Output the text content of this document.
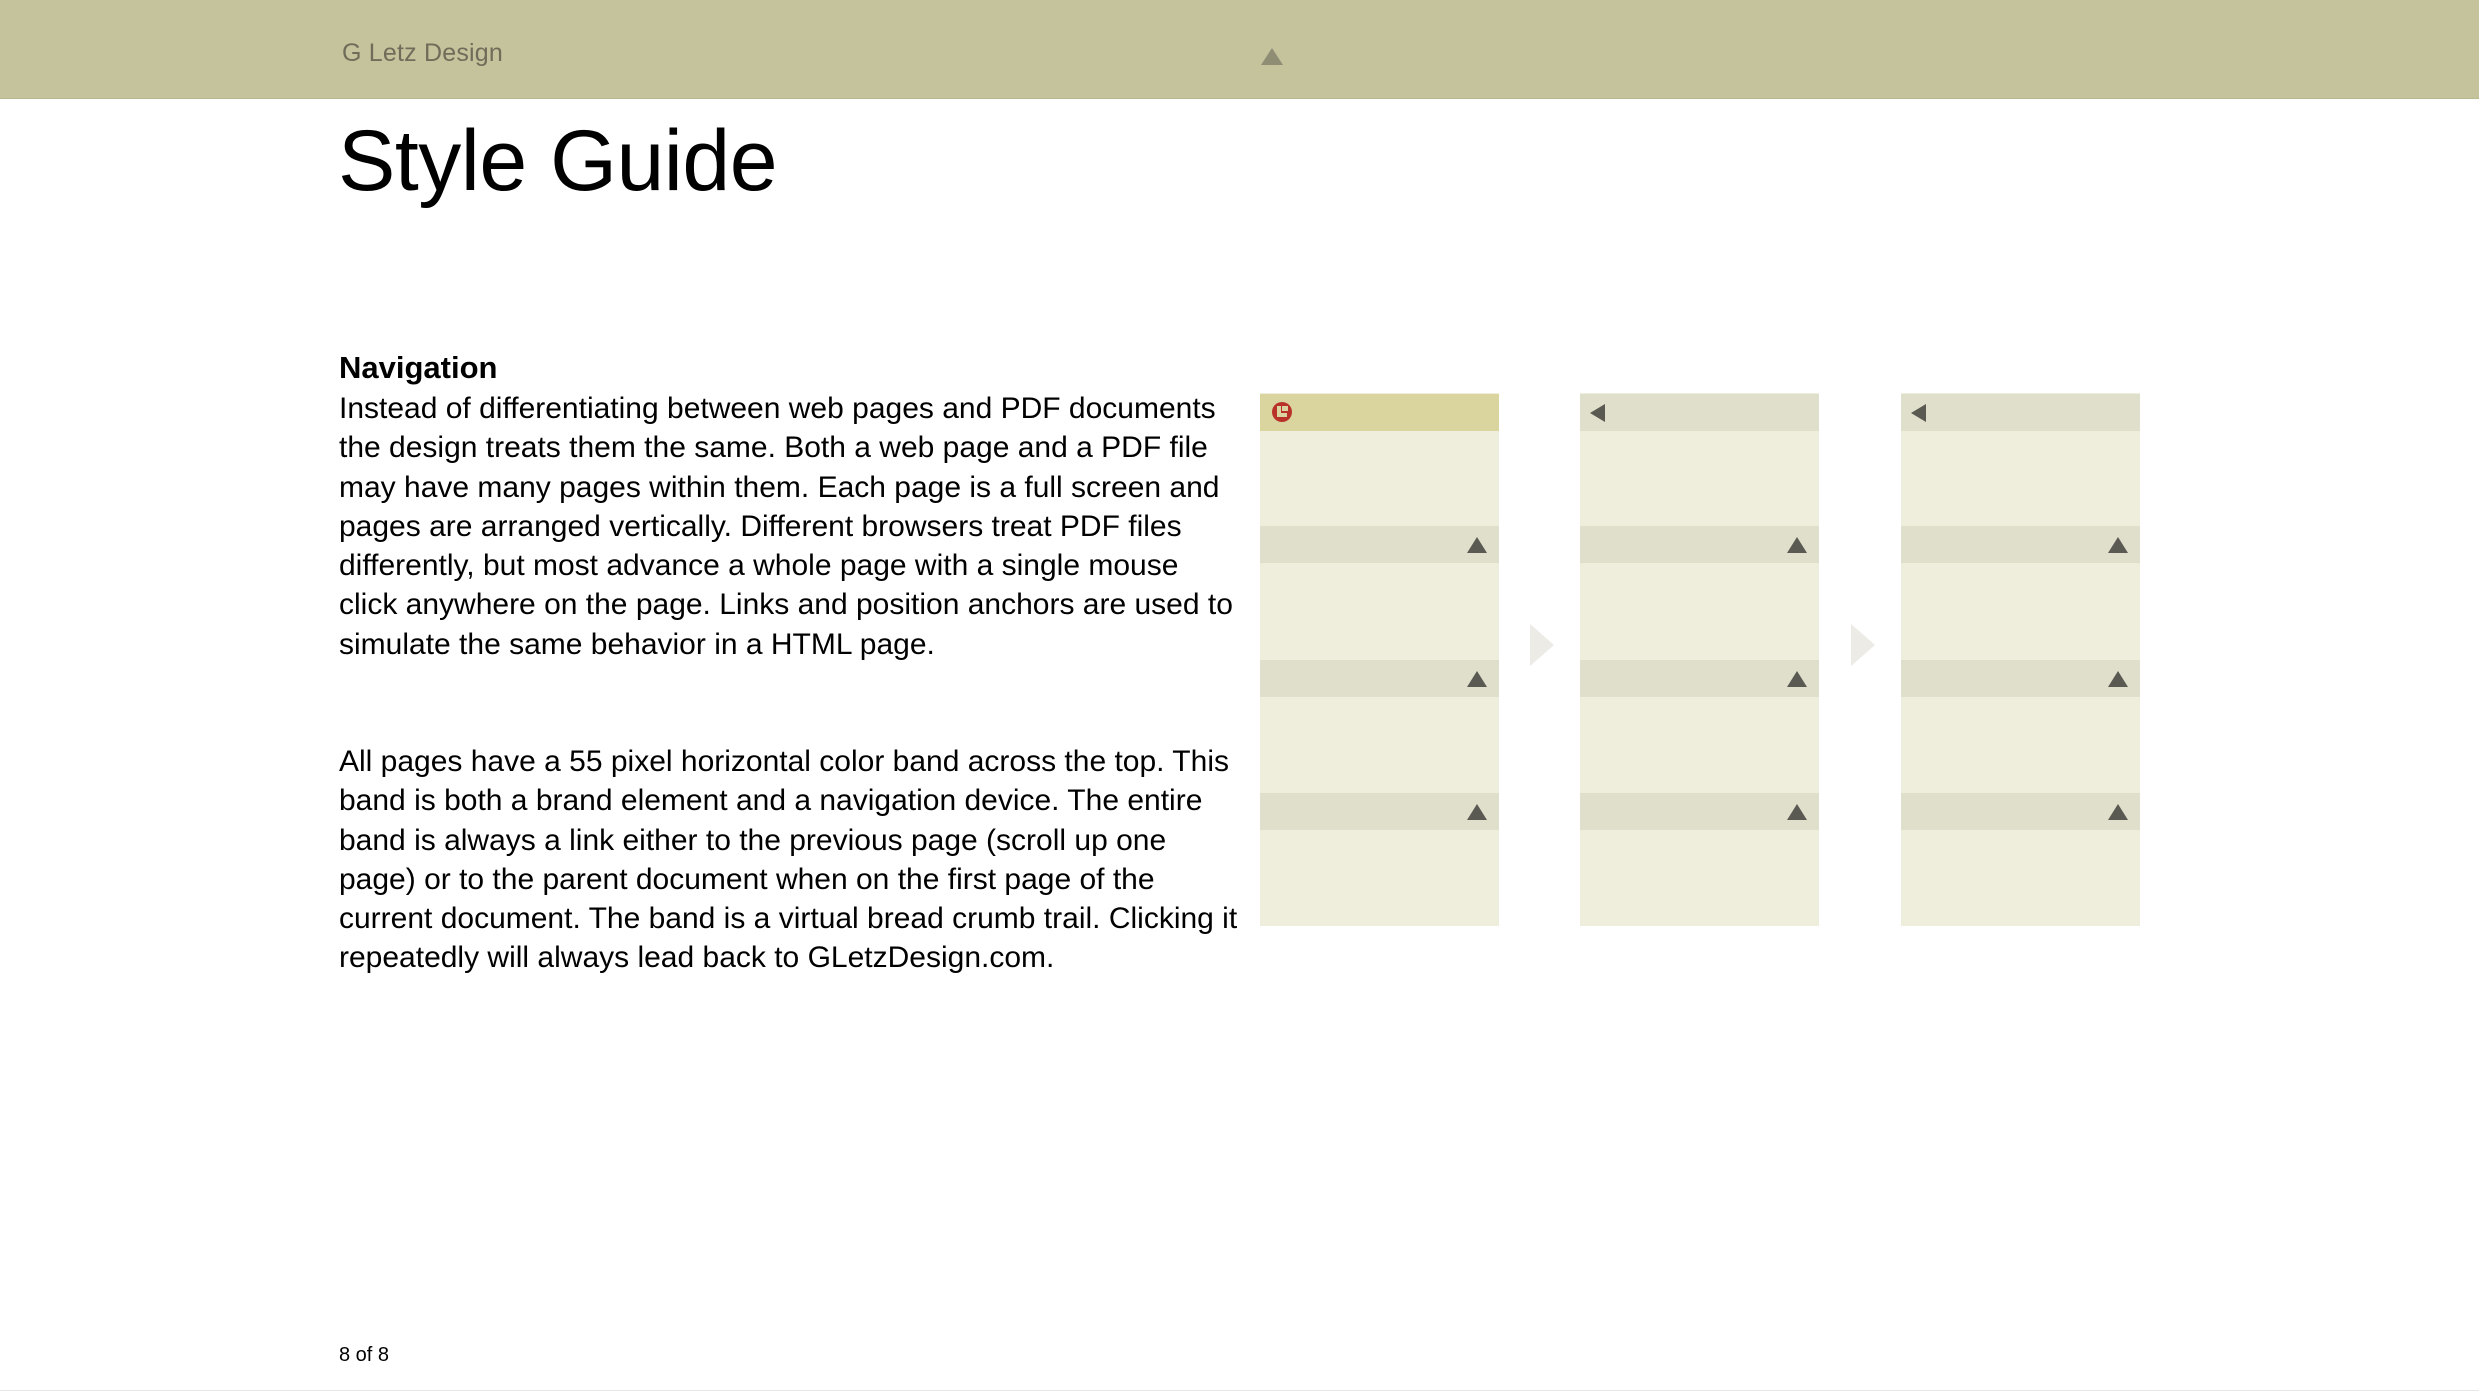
G Letz Design
Style Guide
Navigation

Instead of differentiating between web pages and PDF documents the design treats them the same. Both a web page and a PDF file may have many pages within them. Each page is a full screen and pages are arranged vertically. Different browsers treat PDF files differently, but most advance a whole page with a single mouse click anywhere on the page. Links and position anchors are used to simulate the same behavior in a HTML page.

All pages have a 55 pixel horizontal color band across the top. This band is both a brand element and a navigation device. The entire band is always a link either to the previous page (scroll up one page) or to the parent document when on the first page of the current document. The band is a virtual bread crumb trail. Clicking it repeatedly will always lead back to GLetzDesign.com.

8 of 8
